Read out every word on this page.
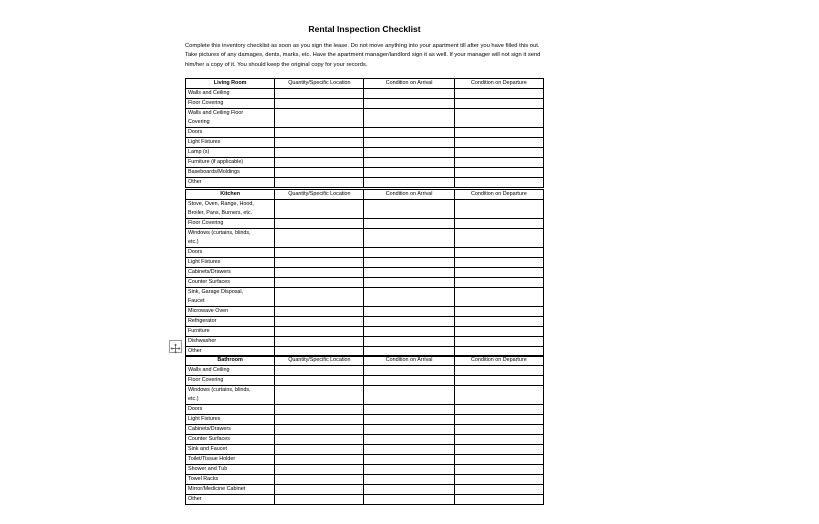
Rental Inspection Checklist
Complete this inventory checklist as soon as you sign the lease. Do not move anything into your apartment till after you have filled this out. Take pictures of any damages, dents, marks, etc. Have the apartment manager/landlord sign it as well. If your manager will not sign it send him/her a copy of it. You should keep the original copy for your records.
Living Room	Quantity/Specific Location	Condition on Arrival	Condition on Departure
Walls and Ceiling			
Floor Covering			
Walls and Ceiling Floor
Covering			
Doors			
Light Fixtures			
Lamp (s)			
Furniture (if applicable)			
Baseboards/Moldings			
Other			
Kitchen	Quantity/Specific Location	Condition on Arrival	Condition on Departure
Stove, Oven, Range, Hood,
Broiler, Pans, Burners, etc.			
Floor Covering			
Windows (curtains, blinds,
etc.)			
Doors			
Light Fixtures			
Cabinets/Drawers			
Counter Surfaces			
Sink, Garage Disposal,
Faucet			
Microwave Oven			
Refrigerator			
Furniture			
Dishwasher			
Other			
Bathroom	Quantity/Specific Location	Condition on Arrival	Condition on Departure
Walls and Ceiling			
Floor Covering			
Windows (curtains, blinds,
etc.)			
Doors			
Light Fixtures			
Cabinets/Drawers			
Counter Surfaces			
Sink and Faucet			
Toilet/Tissue Holder			
Shower and Tub			
Towel Racks			
Mirror/Medicine Cabinet			
Other			
